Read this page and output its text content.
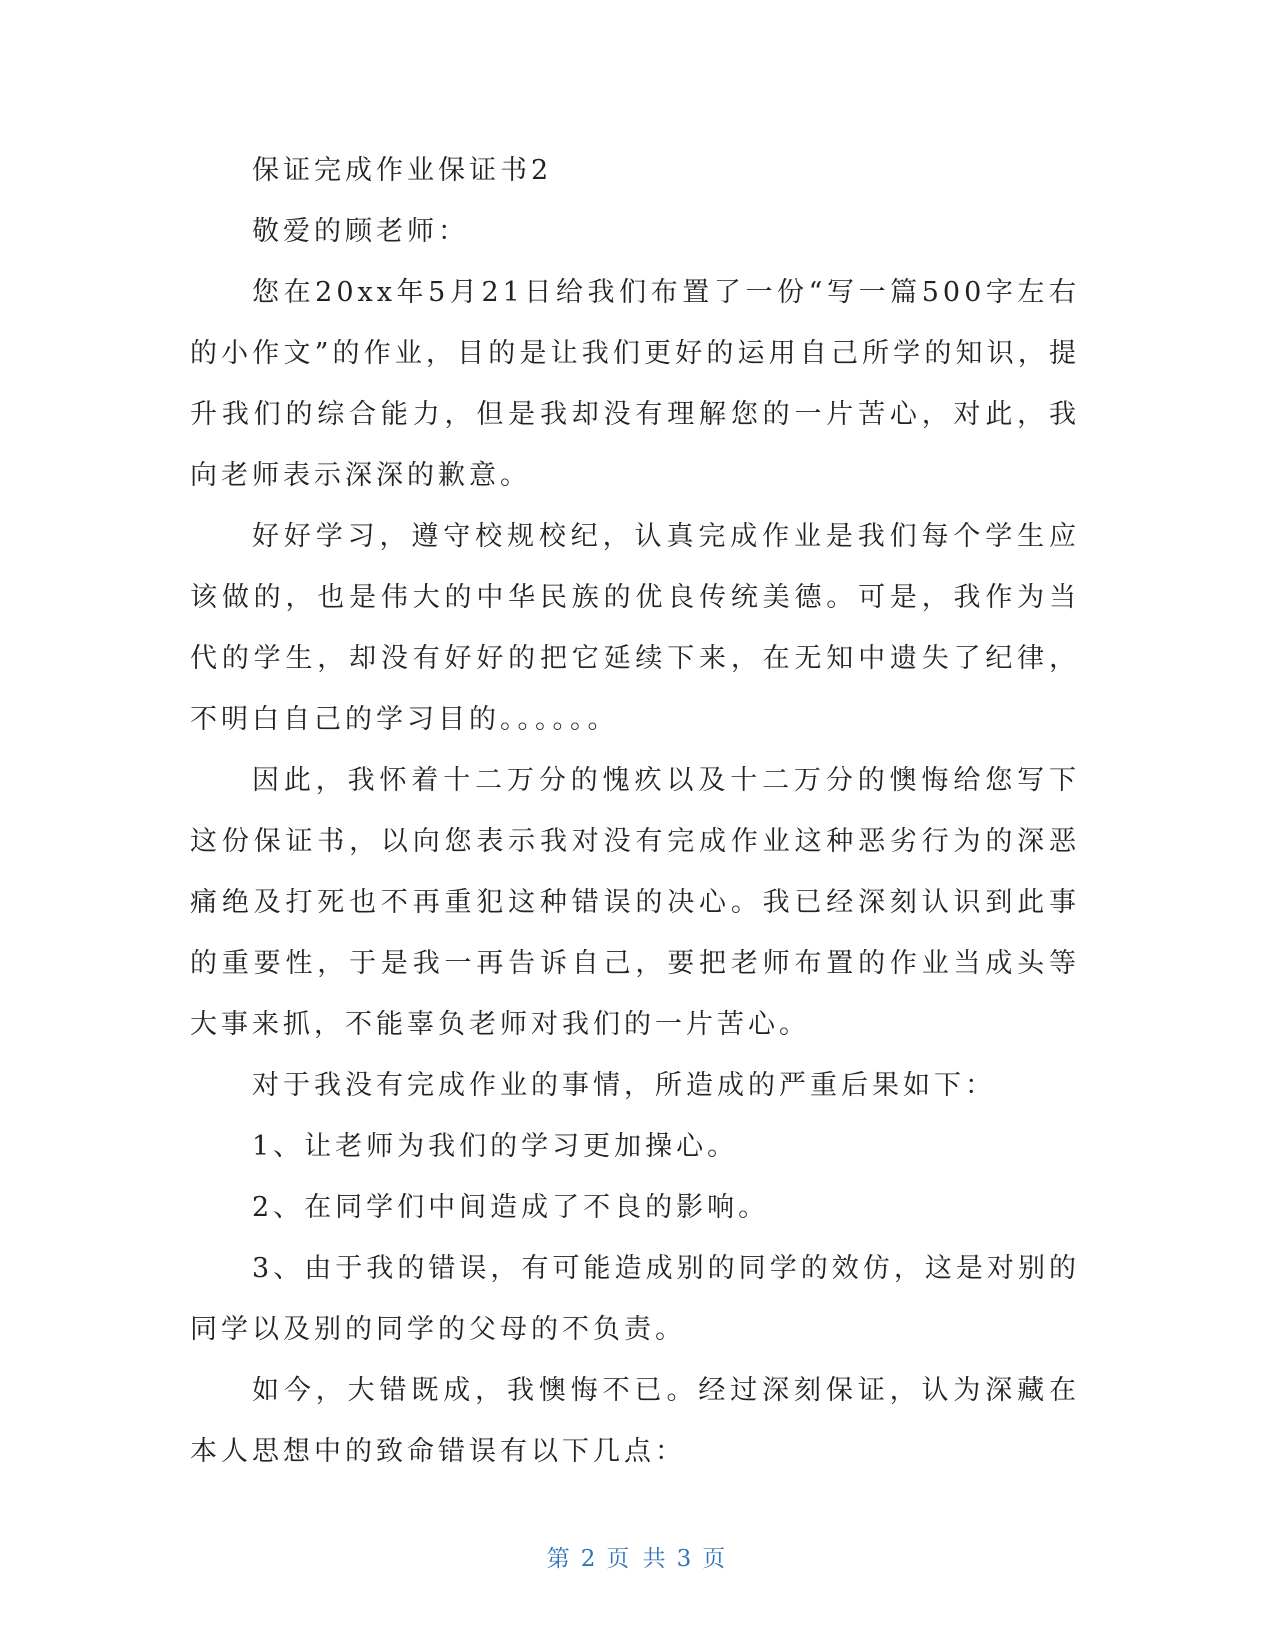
保证完成作业保证书2

敬爱的顾老师：

您在20xx年5月21日给我们布置了一份“写一篇500字左右的小作文”的作业，目的是让我们更好的运用自己所学的知识，提升我们的综合能力，但是我却没有理解您的一片苦心，对此，我向老师表示深深的歉意。

好好学习，遵守校规校纪，认真完成作业是我们每个学生应该做的，也是伟大的中华民族的优良传统美德。可是，我作为当代的学生，却没有好好的把它延续下来，在无知中遗失了纪律，不明白自己的学习目的。。。。。。

因此，我怀着十二万分的愧疚以及十二万分的懊悔给您写下这份保证书，以向您表示我对没有完成作业这种恶劣行为的深恶痛绝及打死也不再重犯这种错误的决心。我已经深刻认识到此事的重要性，于是我一再告诉自己，要把老师布置的作业当成头等大事来抓，不能辜负老师对我们的一片苦心。

对于我没有完成作业的事情，所造成的严重后果如下：

1、让老师为我们的学习更加操心。

2、在同学们中间造成了不良的影响。

3、由于我的错误，有可能造成别的同学的效仿，这是对别的同学以及别的同学的父母的不负责。

如今，大错既成，我懊悔不已。经过深刻保证，认为深藏在本人思想中的致命错误有以下几点：

第 2 页 共 3 页
